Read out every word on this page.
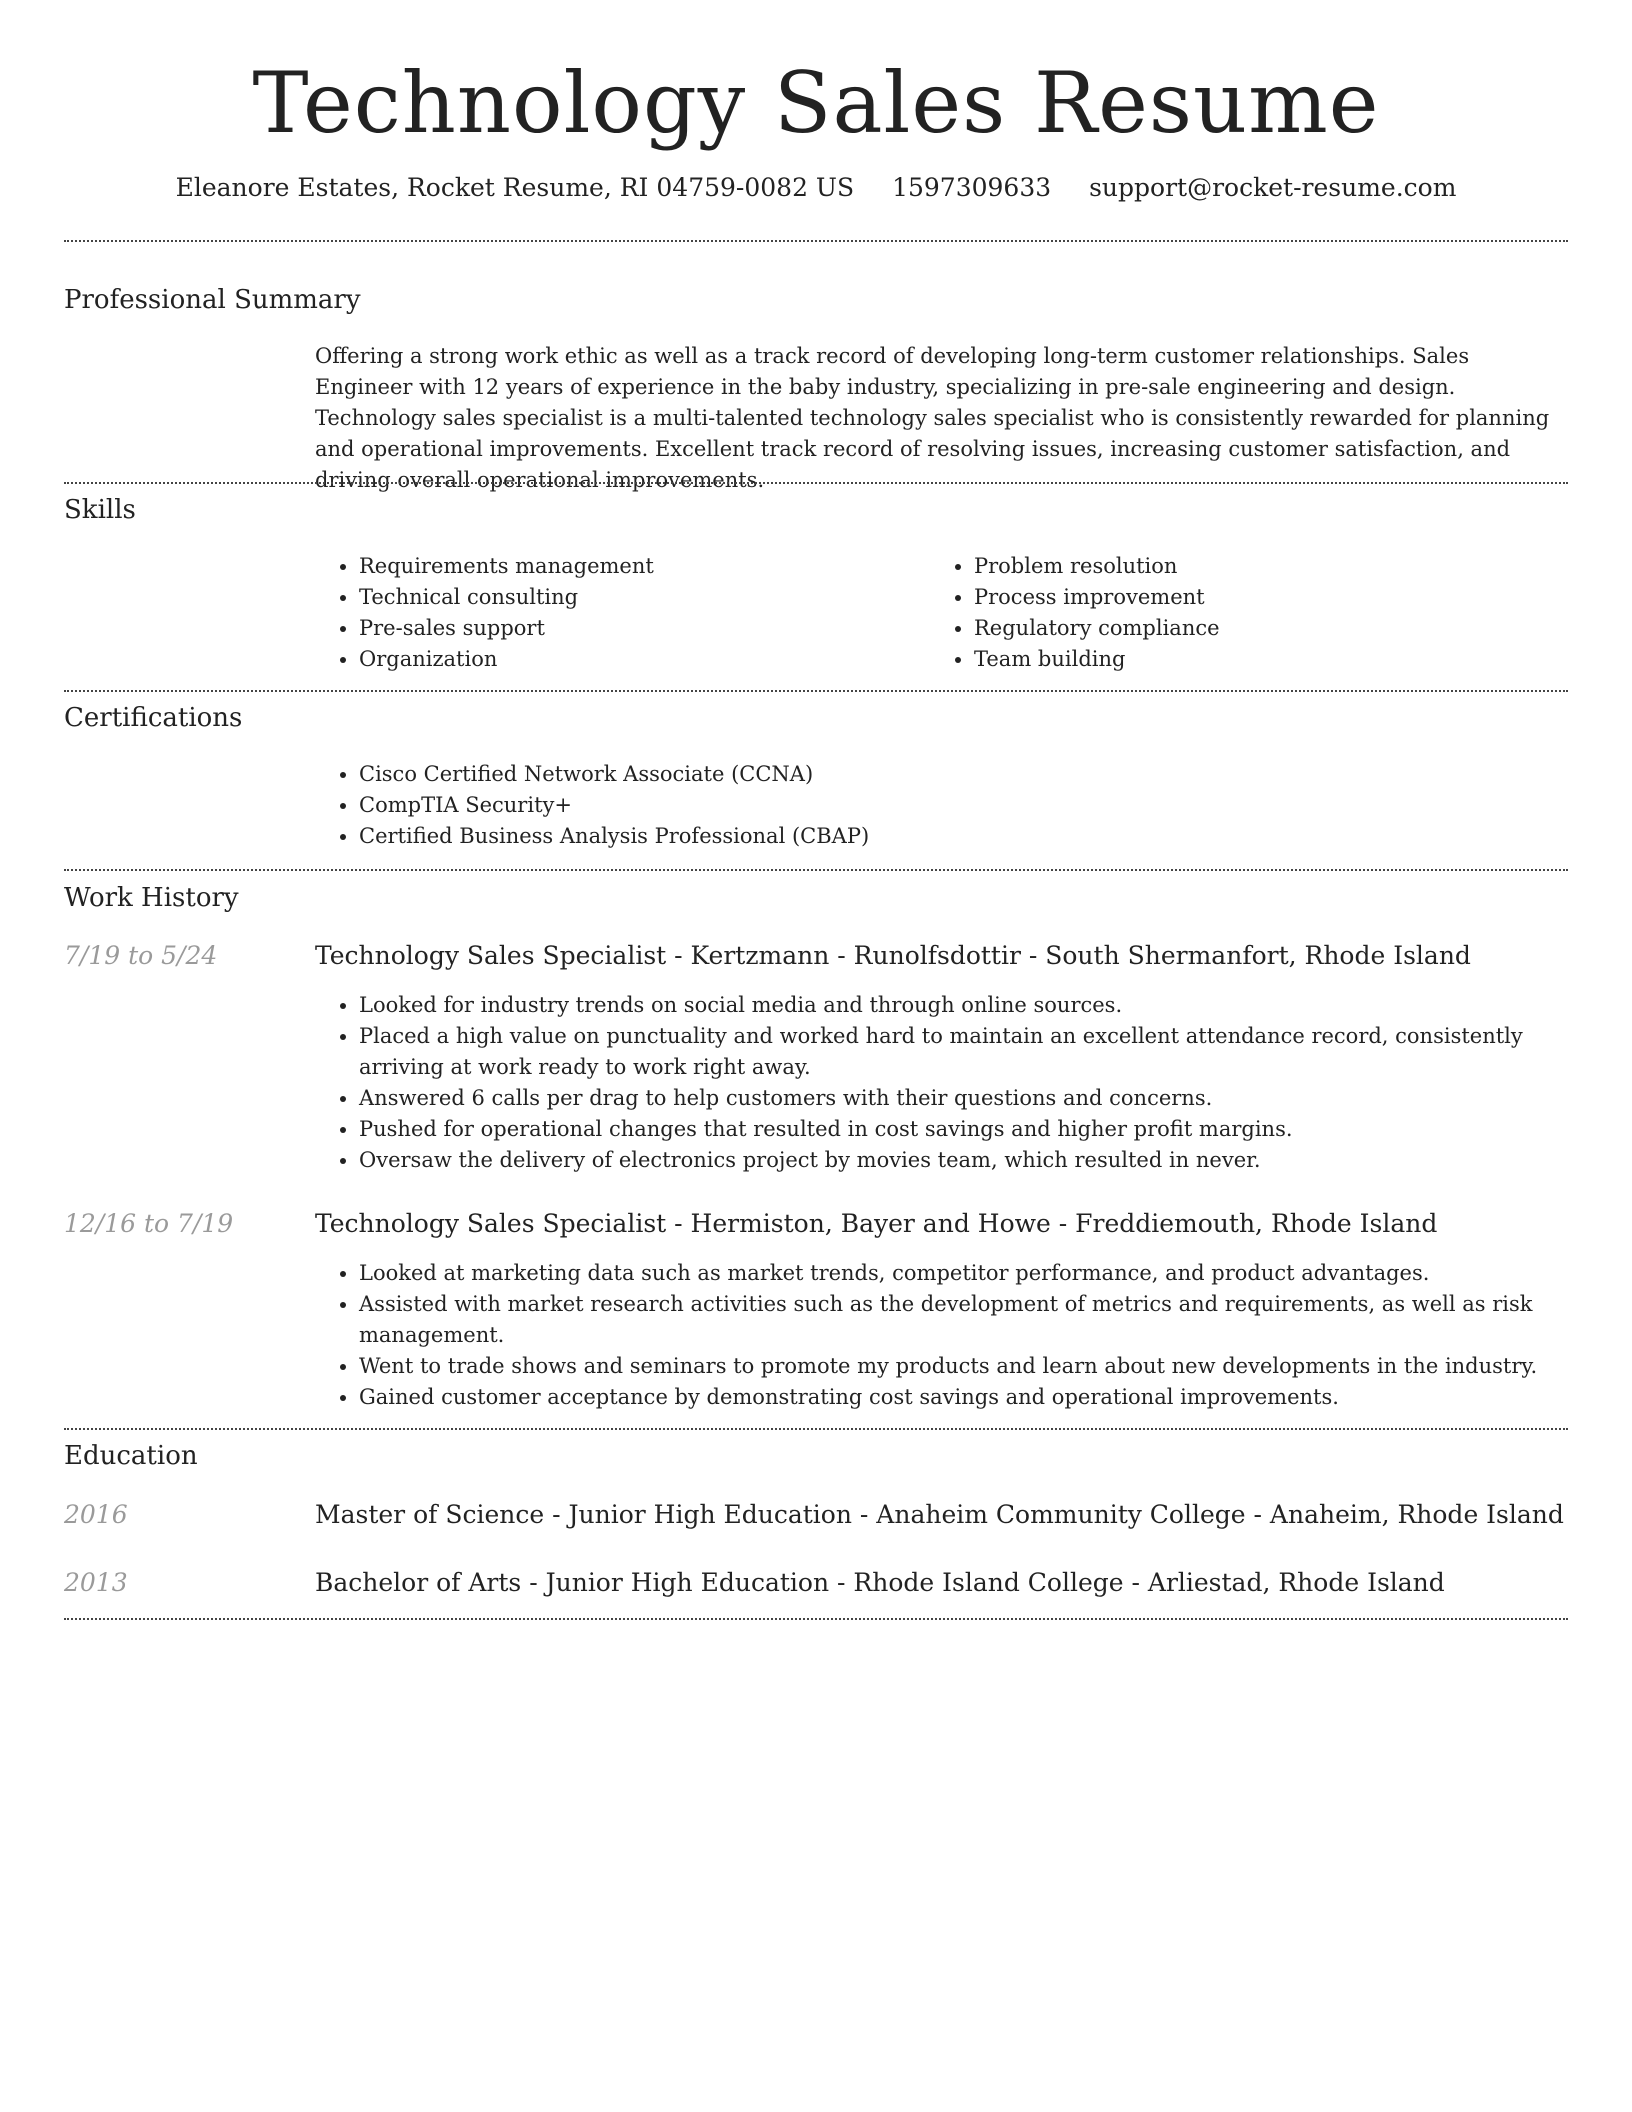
Technology Sales Resume
Eleanore Estates, Rocket Resume, RI 04759-0082 US 1597309633 support@rocket-resume.com
Professional Summary

Offering a strong work ethic as well as a track record of developing long-term customer relationships. Sales Engineer with 12 years of experience in the baby industry, specializing in pre-sale engineering and design. Technology sales specialist is a multi-talented technology sales specialist who is consistently rewarded for planning and operational improvements. Excellent track record of resolving issues, increasing customer satisfaction, and driving overall operational improvements.

Skills
• Requirements management
• Technical consulting
• Pre-sales support
• Organization
• Problem resolution
• Process improvement
• Regulatory compliance
• Team building
Certifications
• Cisco Certified Network Associate (CCNA)
• CompTIA Security+
• Certified Business Analysis Professional (CBAP)
Work History
7/19 to 5/24	Technology Sales Specialist - Kertzmann - Runolfsdottir - South Shermanfort, Rhode Island
• Looked for industry trends on social media and through online sources.
• Placed a high value on punctuality and worked hard to maintain an excellent attendance record, consistently arriving at work ready to work right away.
• Answered 6 calls per drag to help customers with their questions and concerns.
• Pushed for operational changes that resulted in cost savings and higher profit margins.
• Oversaw the delivery of electronics project by movies team, which resulted in never.
12/16 to 7/19	Technology Sales Specialist - Hermiston, Bayer and Howe - Freddiemouth, Rhode Island
• Looked at marketing data such as market trends, competitor performance, and product advantages.
• Assisted with market research activities such as the development of metrics and requirements, as well as risk management.
• Went to trade shows and seminars to promote my products and learn about new developments in the industry.
• Gained customer acceptance by demonstrating cost savings and operational improvements.
Education
2016	Master of Science - Junior High Education - Anaheim Community College - Anaheim, Rhode Island
2013	Bachelor of Arts - Junior High Education - Rhode Island College - Arliestad, Rhode Island
